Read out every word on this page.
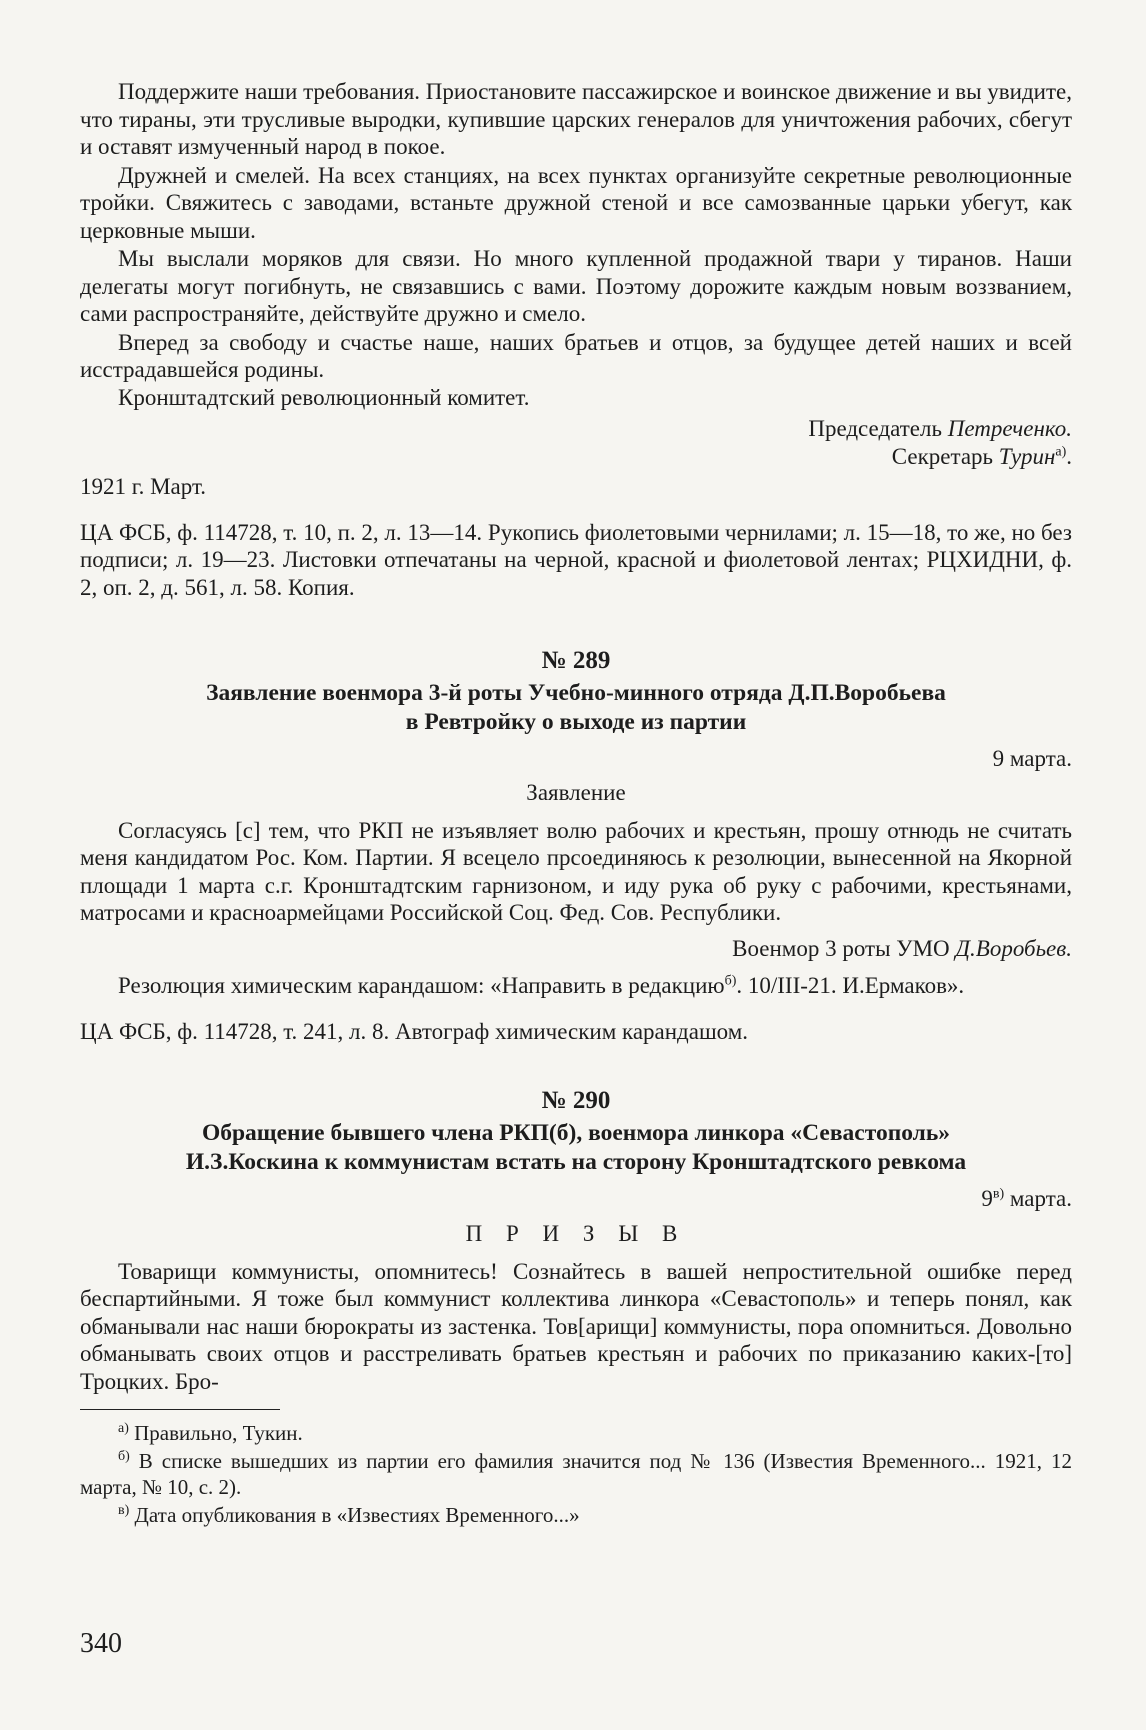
Поддержите наши требования. Приостановите пассажирское и воинское движение и вы увидите, что тираны, эти трусливые выродки, купившие царских генералов для уничтожения рабочих, сбегут и оставят измученный народ в покое.

Дружней и смелей. На всех станциях, на всех пунктах организуйте секретные революционные тройки. Свяжитесь с заводами, встаньте дружной стеной и все самозванные царьки убегут, как церковные мыши.

Мы выслали моряков для связи. Но много купленной продажной твари у тиранов. Наши делегаты могут погибнуть, не связавшись с вами. Поэтому дорожите каждым новым воззванием, сами распространяйте, действуйте дружно и смело.

Вперед за свободу и счастье наше, наших братьев и отцов, за будущее детей наших и всей исстрадавшейся родины.

Кронштадтский революционный комитет.

Председатель Петреченко.

Секретарь Турин$^{а)}$.

1921 г. Март.

ЦА ФСБ, ф. 114728, т. 10, п. 2, л. 13—14. Рукопись фиолетовыми чернилами; л. 15—18, то же, но без подписи; л. 19—23. Листовки отпечатаны на черной, красной и фиолетовой лентах; РЦХИДНИ, ф. 2, оп. 2, д. 561, л. 58. Копия.

№ 289
Заявление военмора 3-й роты Учебно-минного отряда Д.П.Воробьева
в Ревтройку о выходе из партии

9 марта.

Заявление

Согласуясь [с] тем, что РКП не изъявляет волю рабочих и крестьян, прошу отнюдь не считать меня кандидатом Рос. Ком. Партии. Я всецело прсоединяюсь к резолюции, вынесенной на Якорной площади 1 марта с.г. Кронштадтским гарнизоном, и иду рука об руку с рабочими, крестьянами, матросами и красноармейцами Российской Соц. Фед. Сов. Республики.

Военмор 3 роты УМО Д.Воробьев.

Резолюция химическим карандашом: «Направить в редакцию$^{б)}$. 10/III-21. И.Ермаков».

ЦА ФСБ, ф. 114728, т. 241, л. 8. Автограф химическим карандашом.

№ 290
Обращение бывшего члена РКП(б), военмора линкора «Севастополь»
И.З.Коскина к коммунистам встать на сторону Кронштадтского ревкома

$9^{в)}$ марта.

П Р И З Ы В

Товарищи коммунисты, опомнитесь! Сознайтесь в вашей непростительной ошибке перед беспартийными. Я тоже был коммунист коллектива линкора «Севастополь» и теперь понял, как обманывали нас наши бюрократы из застенка. Тов[арищи] коммунисты, пора опомниться. Довольно обманывать своих отцов и расстреливать братьев крестьян и рабочих по приказанию каких-[то] Троцких. Бро-

$^{а)}$ Правильно, Тукин.

$^{б)}$ В списке вышедших из партии его фамилия значится под № 136 (Известия Временного... 1921, 12 марта, № 10, с. 2).

$^{в)}$ Дата опубликования в «Известиях Временного...»

340
